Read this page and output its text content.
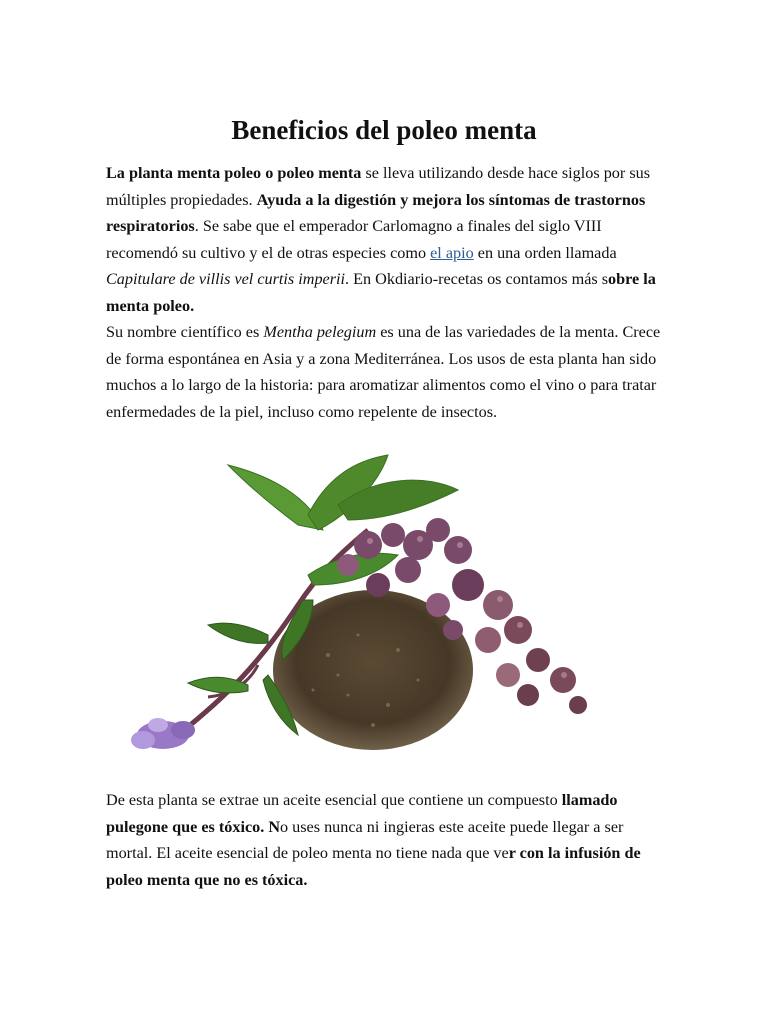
Beneficios del poleo menta

La planta menta poleo o poleo menta se lleva utilizando desde hace siglos por sus múltiples propiedades. Ayuda a la digestión y mejora los síntomas de trastornos respiratorios. Se sabe que el emperador Carlomagno a finales del siglo VIII recomendó su cultivo y el de otras especies como el apio en una orden llamada Capitulare de villis vel curtis imperii. En Okdiario-recetas os contamos más sobre la menta poleo.

Su nombre científico es Mentha pelegium es una de las variedades de la menta. Crece de forma espontánea en Asia y a zona Mediterránea. Los usos de esta planta han sido muchos a lo largo de la historia: para aromatizar alimentos como el vino o para tratar enfermedades de la piel, incluso como repelente de insectos.

De esta planta se extrae un aceite esencial que contiene un compuesto llamado pulegone que es tóxico. No uses nunca ni ingieras este aceite puede llegar a ser mortal. El aceite esencial de poleo menta no tiene nada que ver con la infusión de poleo menta que no es tóxica.
